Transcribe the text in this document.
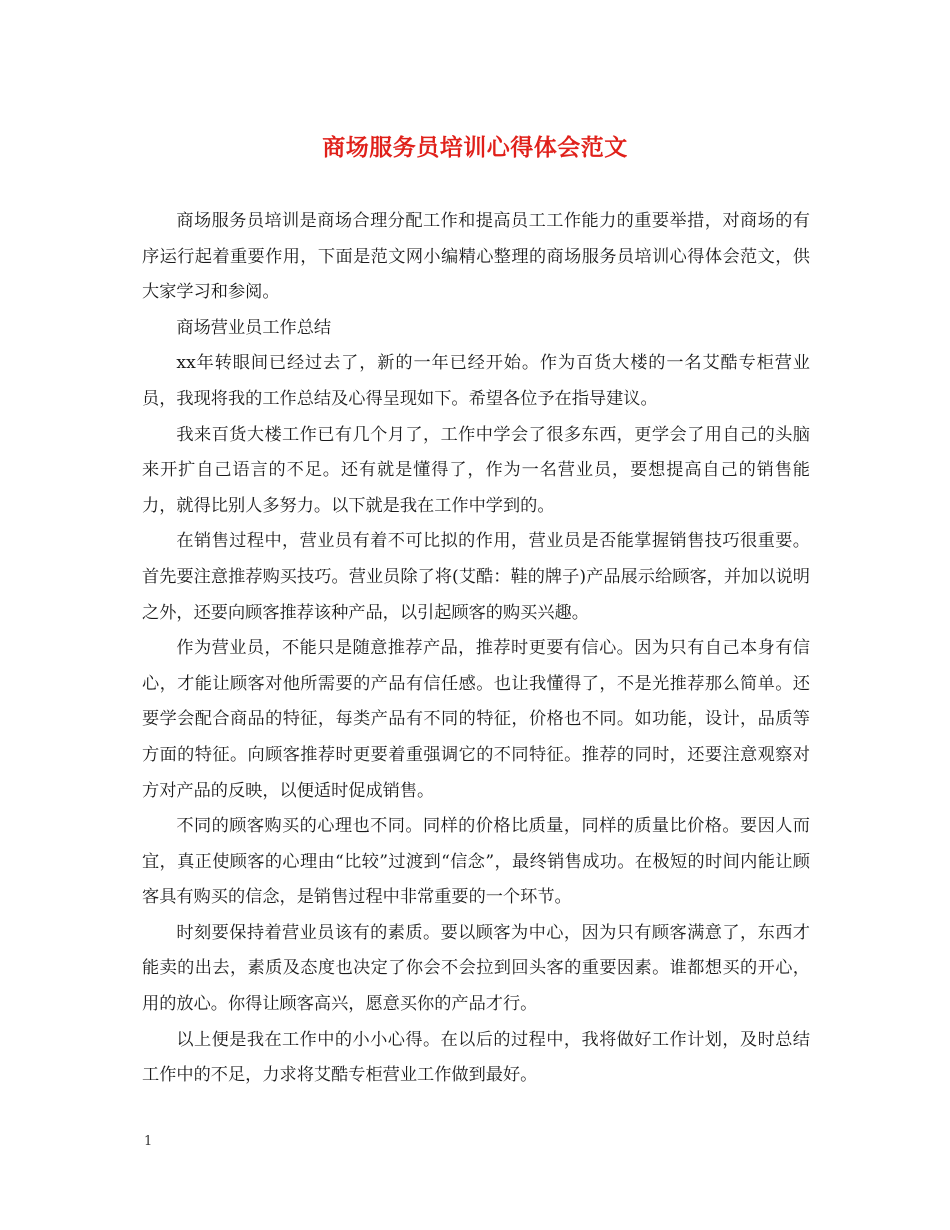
商场服务员培训心得体会范文

商场服务员培训是商场合理分配工作和提高员工工作能力的重要举措，对商场的有序运行起着重要作用，下面是范文网小编精心整理的商场服务员培训心得体会范文，供大家学习和参阅。

商场营业员工作总结

xx年转眼间已经过去了，新的一年已经开始。作为百货大楼的一名艾酷专柜营业员，我现将我的工作总结及心得呈现如下。希望各位予在指导建议。

我来百货大楼工作已有几个月了，工作中学会了很多东西，更学会了用自己的头脑来开扩自己语言的不足。还有就是懂得了，作为一名营业员，要想提高自己的销售能力，就得比别人多努力。以下就是我在工作中学到的。

在销售过程中，营业员有着不可比拟的作用，营业员是否能掌握销售技巧很重要。首先要注意推荐购买技巧。营业员除了将(艾酷：鞋的牌子)产品展示给顾客，并加以说明之外，还要向顾客推荐该种产品，以引起顾客的购买兴趣。

作为营业员，不能只是随意推荐产品，推荐时更要有信心。因为只有自己本身有信心，才能让顾客对他所需要的产品有信任感。也让我懂得了，不是光推荐那么简单。还要学会配合商品的特征，每类产品有不同的特征，价格也不同。如功能，设计，品质等方面的特征。向顾客推荐时更要着重强调它的不同特征。推荐的同时，还要注意观察对方对产品的反映，以便适时促成销售。

不同的顾客购买的心理也不同。同样的价格比质量，同样的质量比价格。要因人而宜，真正使顾客的心理由“比较”过渡到“信念”，最终销售成功。在极短的时间内能让顾客具有购买的信念，是销售过程中非常重要的一个环节。

时刻要保持着营业员该有的素质。要以顾客为中心，因为只有顾客满意了，东西才能卖的出去，素质及态度也决定了你会不会拉到回头客的重要因素。谁都想买的开心，用的放心。你得让顾客高兴，愿意买你的产品才行。

以上便是我在工作中的小小心得。在以后的过程中，我将做好工作计划，及时总结工作中的不足，力求将艾酷专柜营业工作做到最好。

1
